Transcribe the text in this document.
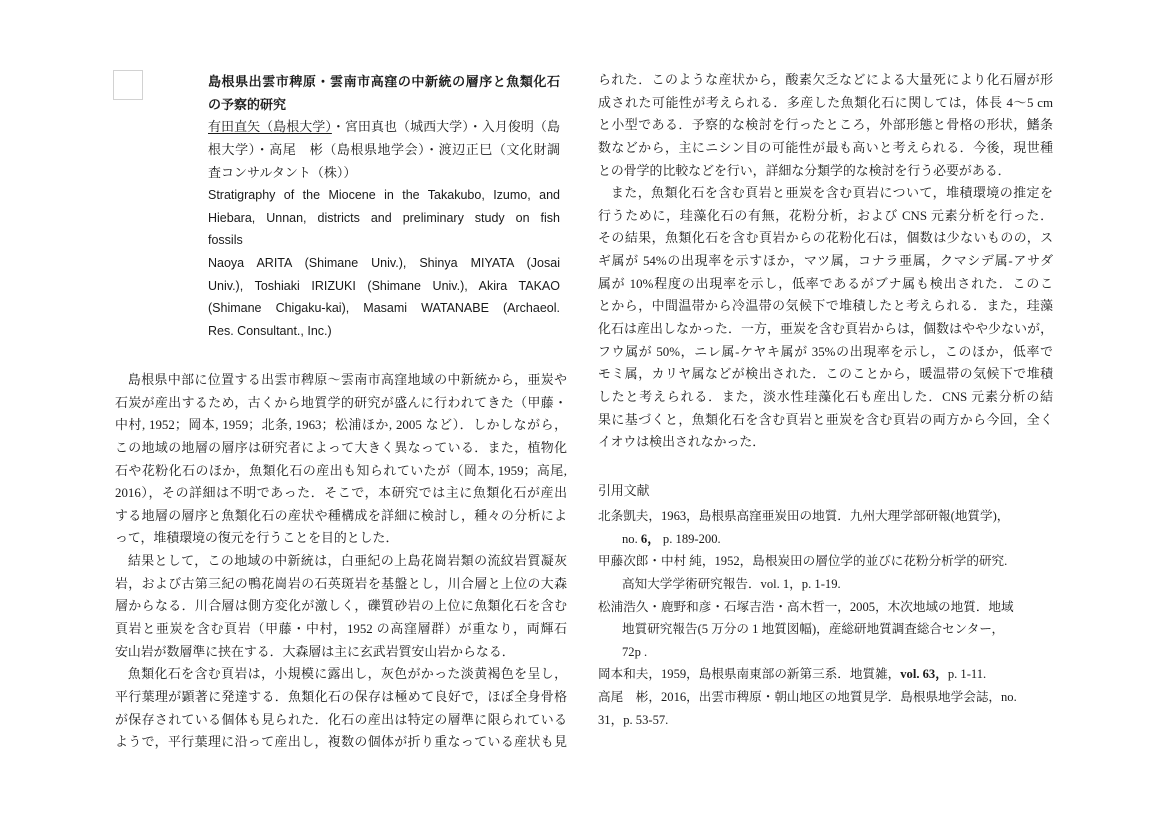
島根県出雲市稗原・雲南市高窪の中新統の層序と魚類化石
の予察的研究
有田直矢（島根大学）・宮田真也（城西大学）・入月俊明（島
根大学）・高尾　彬（島根県地学会）・渡辺正巳（文化財調
査コンサルタント（株））
Stratigraphy of the Miocene in the Takakubo, Izumo, and
Hiebara, Unnan, districts and preliminary study on fish
fossils
Naoya ARITA (Shimane Univ.), Shinya MIYATA (Josai
Univ.), Toshiaki IRIZUKI (Shimane Univ.), Akira TAKAO
(Shimane Chigaku-kai), Masami WATANABE (Archaeol.
Res. Consultant., Inc.)
島根県中部に位置する出雲市稗原～雲南市高窪地域の中新統から，亜炭や
石炭が産出するため，古くから地質学的研究が盛んに行われてきた（甲藤・
中村, 1952；岡本, 1959；北条, 1963；松浦ほか, 2005 など）．しかしながら，
この地域の地層の層序は研究者によって大きく異なっている．また，植物化
石や花粉化石のほか，魚類化石の産出も知られていたが（岡本, 1959；高尾,
2016），その詳細は不明であった．そこで，本研究では主に魚類化石が産出
する地層の層序と魚類化石の産状や種構成を詳細に検討し，種々の分析によ
って，堆積環境の復元を行うことを目的とした．
結果として，この地域の中新統は，白亜紀の上島花崗岩類の流紋岩質凝灰
岩，および古第三紀の鴨花崗岩の石英斑岩を基盤とし，川合層と上位の大森
層からなる．川合層は側方変化が激しく，礫質砂岩の上位に魚類化石を含む
頁岩と亜炭を含む頁岩（甲藤・中村，1952 の高窪層群）が重なり，両輝石
安山岩が数層準に挟在する．大森層は主に玄武岩質安山岩からなる．
魚類化石を含む頁岩は，小規模に露出し，灰色がかった淡黄褐色を呈し，
平行葉理が顕著に発達する．魚類化石の保存は極めて良好で，ほぼ全身骨格
が保存されている個体も見られた．化石の産出は特定の層準に限られている
ようで，平行葉理に沿って産出し，複数の個体が折り重なっている産状も見
られた．このような産状から，酸素欠乏などによる大量死により化石層が形
成された可能性が考えられる．多産した魚類化石に関しては，体長 4～5 cm
と小型である．予察的な検討を行ったところ，外部形態と骨格の形状，鰭条
数などから，主にニシン目の可能性が最も高いと考えられる．今後，現世種
との骨学的比較などを行い，詳細な分類学的な検討を行う必要がある．
また，魚類化石を含む頁岩と亜炭を含む頁岩について，堆積環境の推定を
行うために，珪藻化石の有無，花粉分析，および CNS 元素分析を行った．
その結果，魚類化石を含む頁岩からの花粉化石は，個数は少ないものの，ス
ギ属が 54%の出現率を示すほか，マツ属，コナラ亜属，クマシデ属-アサダ
属が 10%程度の出現率を示し，低率であるがブナ属も検出された．このこ
とから，中間温帯から冷温帯の気候下で堆積したと考えられる．また，珪藻
化石は産出しなかった．一方，亜炭を含む頁岩からは，個数はやや少ないが，
フウ属が 50%，ニレ属-ケヤキ属が 35%の出現率を示し，このほか，低率で
モミ属，カリヤ属などが検出された．このことから，暖温帯の気候下で堆積
したと考えられる．また，淡水性珪藻化石も産出した．CNS 元素分析の結
果に基づくと，魚類化石を含む頁岩と亜炭を含む頁岩の両方から今回，全く
イオウは検出されなかった．
引用文献
北条凱夫，1963，島根県高窪亜炭田の地質．九州大理学部研報(地質学)，
no. 6， p. 189-200.
甲藤次郎・中村 純，1952，島根炭田の層位学的並びに花粉分析学的研究.
高知大学学術研究報告．vol. 1，p. 1-19.
松浦浩久・鹿野和彦・石塚吉浩・高木哲一，2005，木次地域の地質．地域
地質研究報告(5 万分の 1 地質図幅)，産総研地質調査総合センター，
72p .
岡本和夫，1959，島根県南東部の新第三系．地質雑，vol. 63，p. 1-11.
高尾　彬，2016，出雲市稗原・朝山地区の地質見学．島根県地学会誌，no.
31，p. 53-57.
